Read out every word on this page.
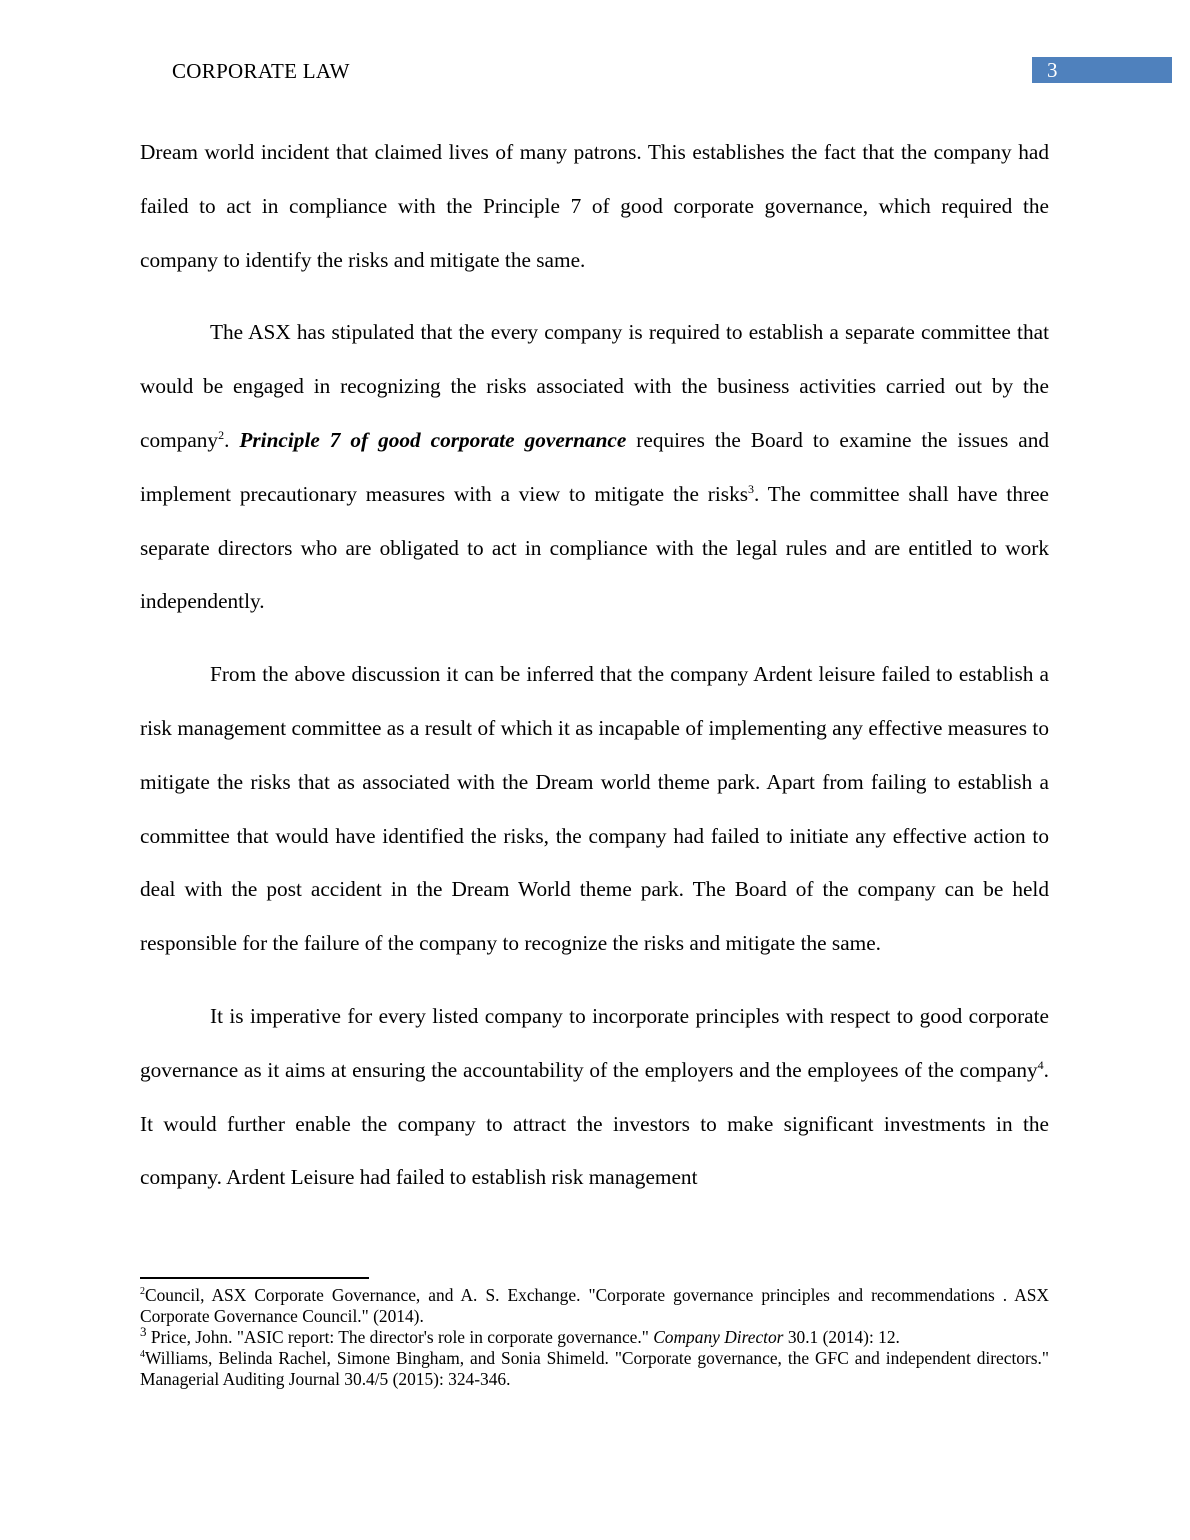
CORPORATE LAW	3

Dream world incident that claimed lives of many patrons. This establishes the fact that the company had failed to act in compliance with the Principle 7 of good corporate governance, which required the company to identify the risks and mitigate the same.

The ASX has stipulated that the every company is required to establish a separate committee that would be engaged in recognizing the risks associated with the business activities carried out by the company$^2$. Principle 7 of good corporate governance requires the Board to examine the issues and implement precautionary measures with a view to mitigate the risks$^3$. The committee shall have three separate directors who are obligated to act in compliance with the legal rules and are entitled to work independently.

From the above discussion it can be inferred that the company Ardent leisure failed to establish a risk management committee as a result of which it as incapable of implementing any effective measures to mitigate the risks that as associated with the Dream world theme park. Apart from failing to establish a committee that would have identified the risks, the company had failed to initiate any effective action to deal with the post accident in the Dream World theme park. The Board of the company can be held responsible for the failure of the company to recognize the risks and mitigate the same.

It is imperative for every listed company to incorporate principles with respect to good corporate governance as it aims at ensuring the accountability of the employers and the employees of the company$^4$. It would further enable the company to attract the investors to make significant investments in the company. Ardent Leisure had failed to establish risk management

$^2$Council, ASX Corporate Governance, and A. S. Exchange. "Corporate governance principles and recommendations . ASX Corporate Governance Council." (2014).

$^3$ Price, John. "ASIC report: The director's role in corporate governance." Company Director 30.1 (2014): 12.

$^4$Williams, Belinda Rachel, Simone Bingham, and Sonia Shimeld. "Corporate governance, the GFC and independent directors." Managerial Auditing Journal 30.4/5 (2015): 324-346.
